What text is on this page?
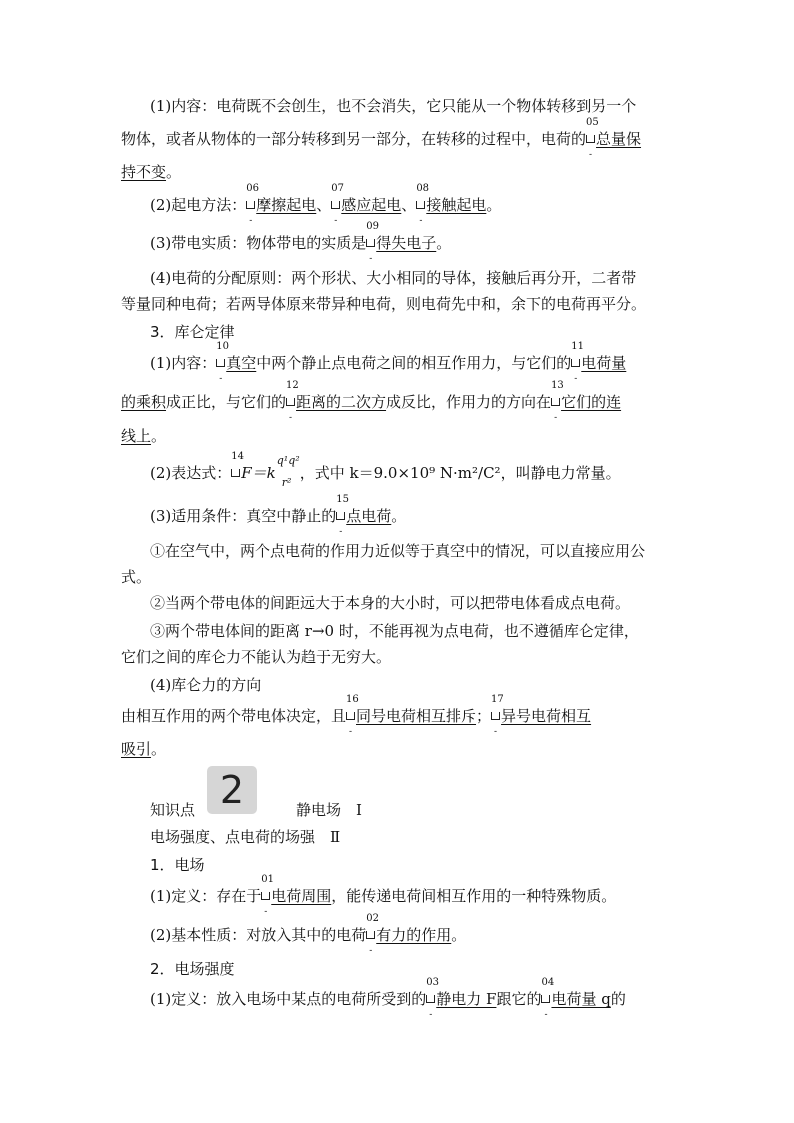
(1)内容：电荷既不会创生，也不会消失，它只能从一个物体转移到另一个
物体，或者从物体的一部分转移到另一部分，在转移的过程中，电荷的
05
总量保
-
持不变。
(2)起电方法：
06
摩擦起电
-
、
07
感应起电
-
、
08
接触起电
-
。
(3)带电实质：物体带电的实质是
09
得失电子
-
。
(4)电荷的分配原则：两个形状、大小相同的导体，接触后再分开，二者带
等量同种电荷；若两导体原来带异种电荷，则电荷先中和，余下的电荷再平分。
3．库仑定律
(1)内容：
10
真空
-
中两个静止点电荷之间的相互作用力，与它们的
11
电荷量
-
的乘积成正比，与它们的
12
距离的二次方
-
成反比，作用力的方向在
13
它们的连
-
线上。
(2)表达式：
14
F＝k
q¹q²
r²
，式中 k＝9.0×10⁹ N·m²/C²，叫静电力常量。
(3)适用条件：真空中静止的
15
点电荷
-
。
①在空气中，两个点电荷的作用力近似等于真空中的情况，可以直接应用公
式。
②当两个带电体的间距远大于本身的大小时，可以把带电体看成点电荷。
③两个带电体间的距离 r→0 时，不能再视为点电荷，也不遵循库仑定律，
它们之间的库仑力不能认为趋于无穷大。
(4)库仑力的方向
由相互作用的两个带电体决定，且
16
同号电荷相互排斥
-
；
17
异号电荷相互
-
吸引。
知识点 2	静电场　Ⅰ
电场强度、点电荷的场强　Ⅱ
1．电场
(1)定义：存在于
01
电荷周围
-
，能传递电荷间相互作用的一种特殊物质。
(2)基本性质：对放入其中的电荷
02
有力的作用
-
。
2．电场强度
(1)定义：放入电场中某点的电荷所受到的
03
静电力 F
-
跟它的
04
电荷量 q
-
的
